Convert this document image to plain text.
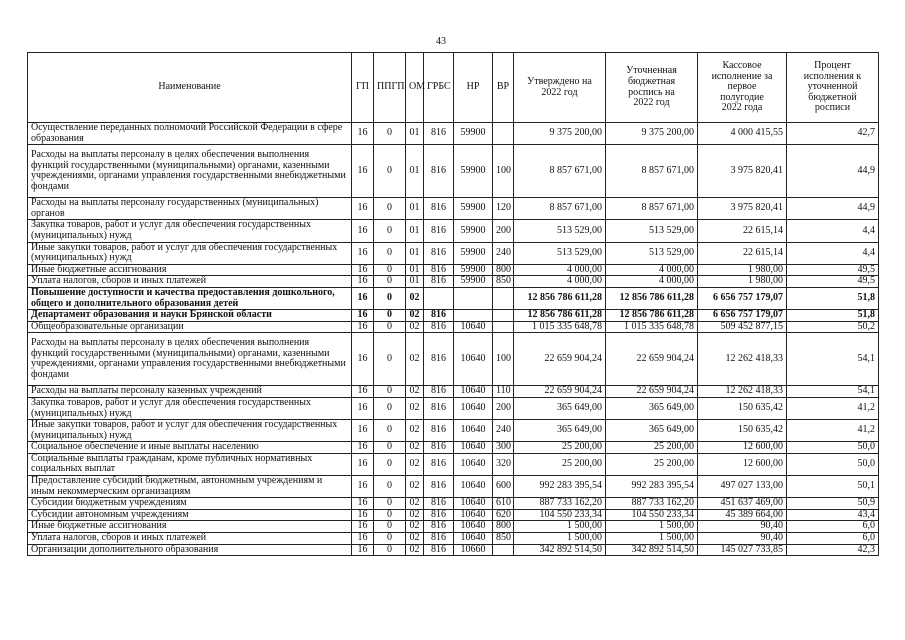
43
Наименование	ГП	ППГП	ОМ	ГРБС	НР	ВР	Утверждено на 2022 год	Уточненная бюджетная роспись на 2022 год	Кассовое исполнение за первое полугодие 2022 года	Процент исполнения к уточненной бюджетной росписи
Осуществление переданных полномочий Российской Федерации в сфере образования	16	0	01	816	59900		9 375 200,00	9 375 200,00	4 000 415,55	42,7
Расходы на выплаты персоналу в целях обеспечения выполнения функций государственными (муниципальными) органами, казенными учреждениями, органами управления государственными внебюджетными фондами	16	0	01	816	59900	100	8 857 671,00	8 857 671,00	3 975 820,41	44,9
Расходы на выплаты персоналу государственных (муниципальных) органов	16	0	01	816	59900	120	8 857 671,00	8 857 671,00	3 975 820,41	44,9
Закупка товаров, работ и услуг для обеспечения государственных (муниципальных) нужд	16	0	01	816	59900	200	513 529,00	513 529,00	22 615,14	4,4
Иные закупки товаров, работ и услуг для обеспечения государственных (муниципальных) нужд	16	0	01	816	59900	240	513 529,00	513 529,00	22 615,14	4,4
Иные бюджетные ассигнования	16	0	01	816	59900	800	4 000,00	4 000,00	1 980,00	49,5
Уплата налогов, сборов и иных платежей	16	0	01	816	59900	850	4 000,00	4 000,00	1 980,00	49,5
Повышение доступности и качества предоставления дошкольного, общего и дополнительного образования детей	16	0	02				12 856 786 611,28	12 856 786 611,28	6 656 757 179,07	51,8
Департамент образования и науки Брянской области	16	0	02	816			12 856 786 611,28	12 856 786 611,28	6 656 757 179,07	51,8
Общеобразовательные организации	16	0	02	816	10640		1 015 335 648,78	1 015 335 648,78	509 452 877,15	50,2
Расходы на выплаты персоналу в целях обеспечения выполнения функций государственными (муниципальными) органами, казенными учреждениями, органами управления государственными внебюджетными фондами	16	0	02	816	10640	100	22 659 904,24	22 659 904,24	12 262 418,33	54,1
Расходы на выплаты персоналу казенных учреждений	16	0	02	816	10640	110	22 659 904,24	22 659 904,24	12 262 418,33	54,1
Закупка товаров, работ и услуг для обеспечения государственных (муниципальных) нужд	16	0	02	816	10640	200	365 649,00	365 649,00	150 635,42	41,2
Иные закупки товаров, работ и услуг для обеспечения государственных (муниципальных) нужд	16	0	02	816	10640	240	365 649,00	365 649,00	150 635,42	41,2
Социальное обеспечение и иные выплаты населению	16	0	02	816	10640	300	25 200,00	25 200,00	12 600,00	50,0
Социальные выплаты гражданам, кроме публичных нормативных социальных выплат	16	0	02	816	10640	320	25 200,00	25 200,00	12 600,00	50,0
Предоставление субсидий бюджетным, автономным учреждениям и иным некоммерческим организациям	16	0	02	816	10640	600	992 283 395,54	992 283 395,54	497 027 133,00	50,1
Субсидии бюджетным учреждениям	16	0	02	816	10640	610	887 733 162,20	887 733 162,20	451 637 469,00	50,9
Субсидии автономным учреждениям	16	0	02	816	10640	620	104 550 233,34	104 550 233,34	45 389 664,00	43,4
Иные бюджетные ассигнования	16	0	02	816	10640	800	1 500,00	1 500,00	90,40	6,0
Уплата налогов, сборов и иных платежей	16	0	02	816	10640	850	1 500,00	1 500,00	90,40	6,0
Организации дополнительного образования	16	0	02	816	10660		342 892 514,50	342 892 514,50	145 027 733,85	42,3
